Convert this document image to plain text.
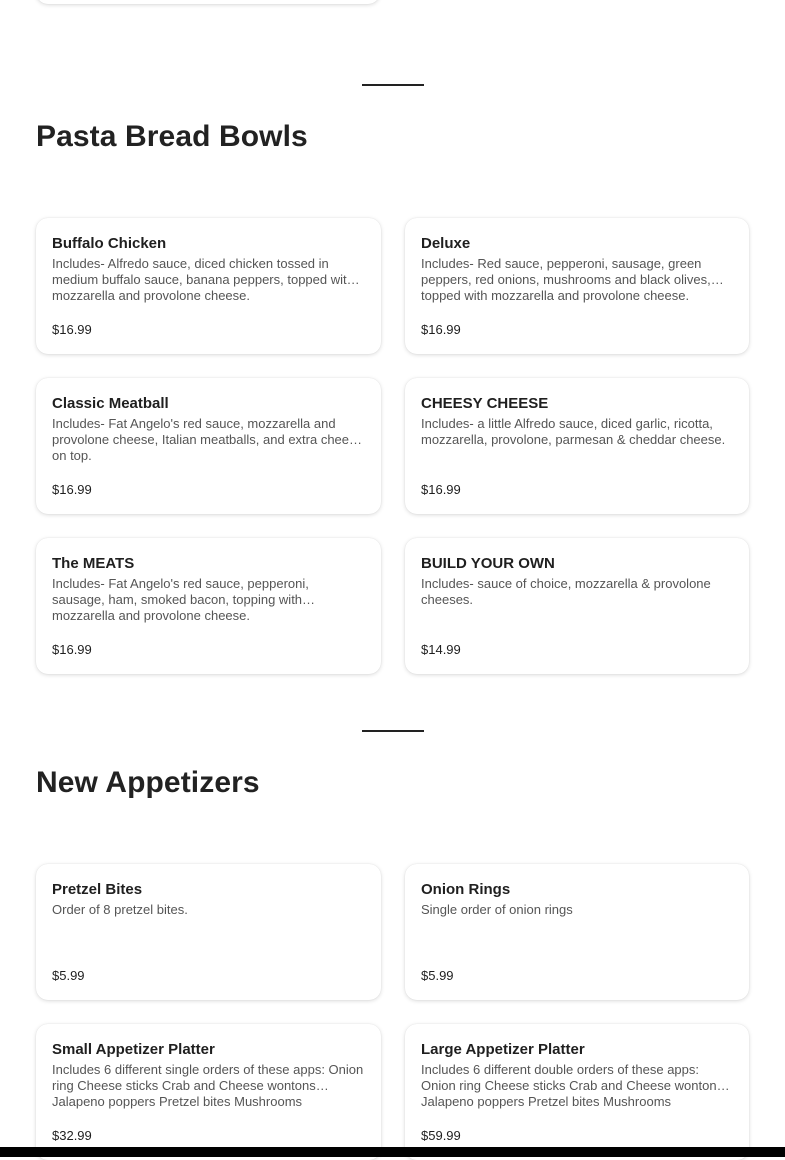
Pasta Bread Bowls
Buffalo Chicken
Includes- Alfredo sauce, diced chicken tossed in medium buffalo sauce, banana peppers, topped with mozzarella and provolone cheese.
$16.99
Deluxe
Includes- Red sauce, pepperoni, sausage, green peppers, red onions, mushrooms and black olives, topped with mozzarella and provolone cheese.
$16.99
Classic Meatball
Includes- Fat Angelo's red sauce, mozzarella and provolone cheese, Italian meatballs, and extra cheese on top.
$16.99
CHEESY CHEESE
Includes- a little Alfredo sauce, diced garlic, ricotta, mozzarella, provolone, parmesan & cheddar cheese.
$16.99
The MEATS
Includes- Fat Angelo's red sauce, pepperoni, sausage, ham, smoked bacon, topping with mozzarella and provolone cheese.
$16.99
BUILD YOUR OWN
Includes- sauce of choice, mozzarella & provolone cheeses.
$14.99
New Appetizers
Pretzel Bites
Order of 8 pretzel bites.
$5.99
Onion Rings
Single order of onion rings
$5.99
Small Appetizer Platter
Includes 6 different single orders of these apps: Onion ring Cheese sticks Crab and Cheese wontons Jalapeno poppers Pretzel bites Mushrooms
$32.99
Large Appetizer Platter
Includes 6 different double orders of these apps: Onion ring Cheese sticks Crab and Cheese wontons Jalapeno poppers Pretzel bites Mushrooms
$59.99
